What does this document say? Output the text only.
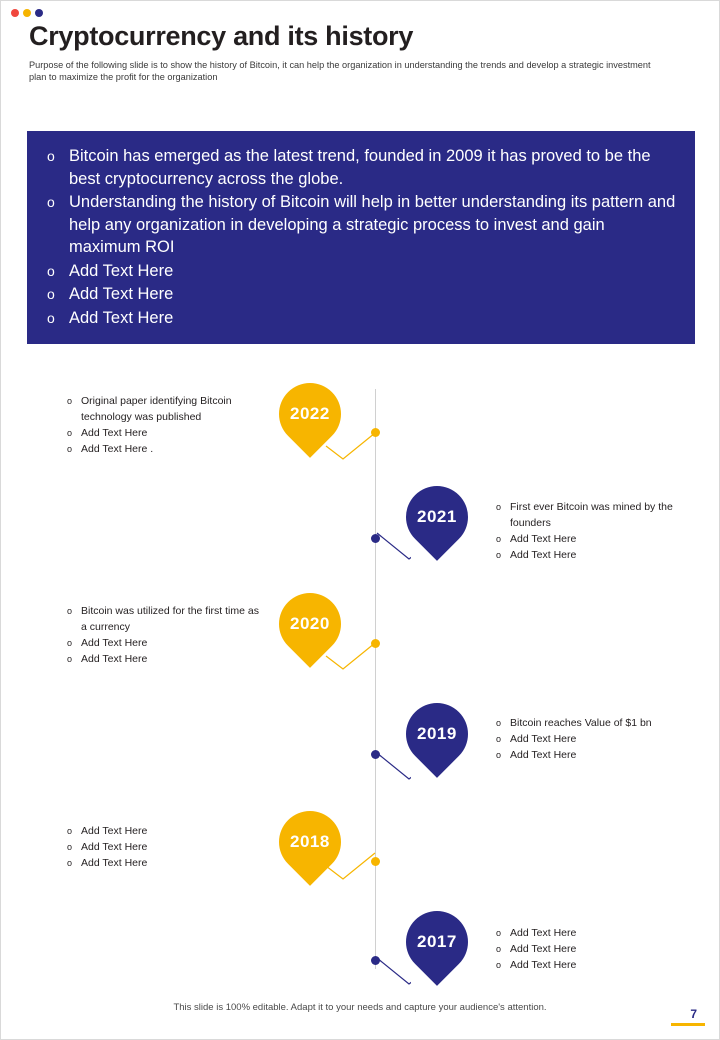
Cryptocurrency and its history
Purpose of the following slide is to show the history of Bitcoin, it can help the organization in understanding the trends and develop a strategic investment plan to maximize the profit for the organization
o Bitcoin has emerged as the latest trend, founded in 2009 it has proved to be the best cryptocurrency across the globe.
o Understanding the history of Bitcoin will help in better understanding its pattern and help any organization in developing a strategic process to invest and gain maximum ROI
o Add Text Here
o Add Text Here
o Add Text Here
2022
o Original paper identifying Bitcoin technology was published
o Add Text Here
o Add Text Here .
2021
o First ever Bitcoin was mined by the founders
o Add Text Here
o Add Text Here
2020
o Bitcoin was utilized for the first time as a currency
o Add Text Here
o Add Text Here
2019
o Bitcoin reaches Value of $1 bn
o Add Text Here
o Add Text Here
2018
o Add Text Here
o Add Text Here
o Add Text Here
2017	o Add Text Here
o Add Text Here
o Add Text Here
This slide is 100% editable. Adapt it to your needs and capture your audience's attention.	7
